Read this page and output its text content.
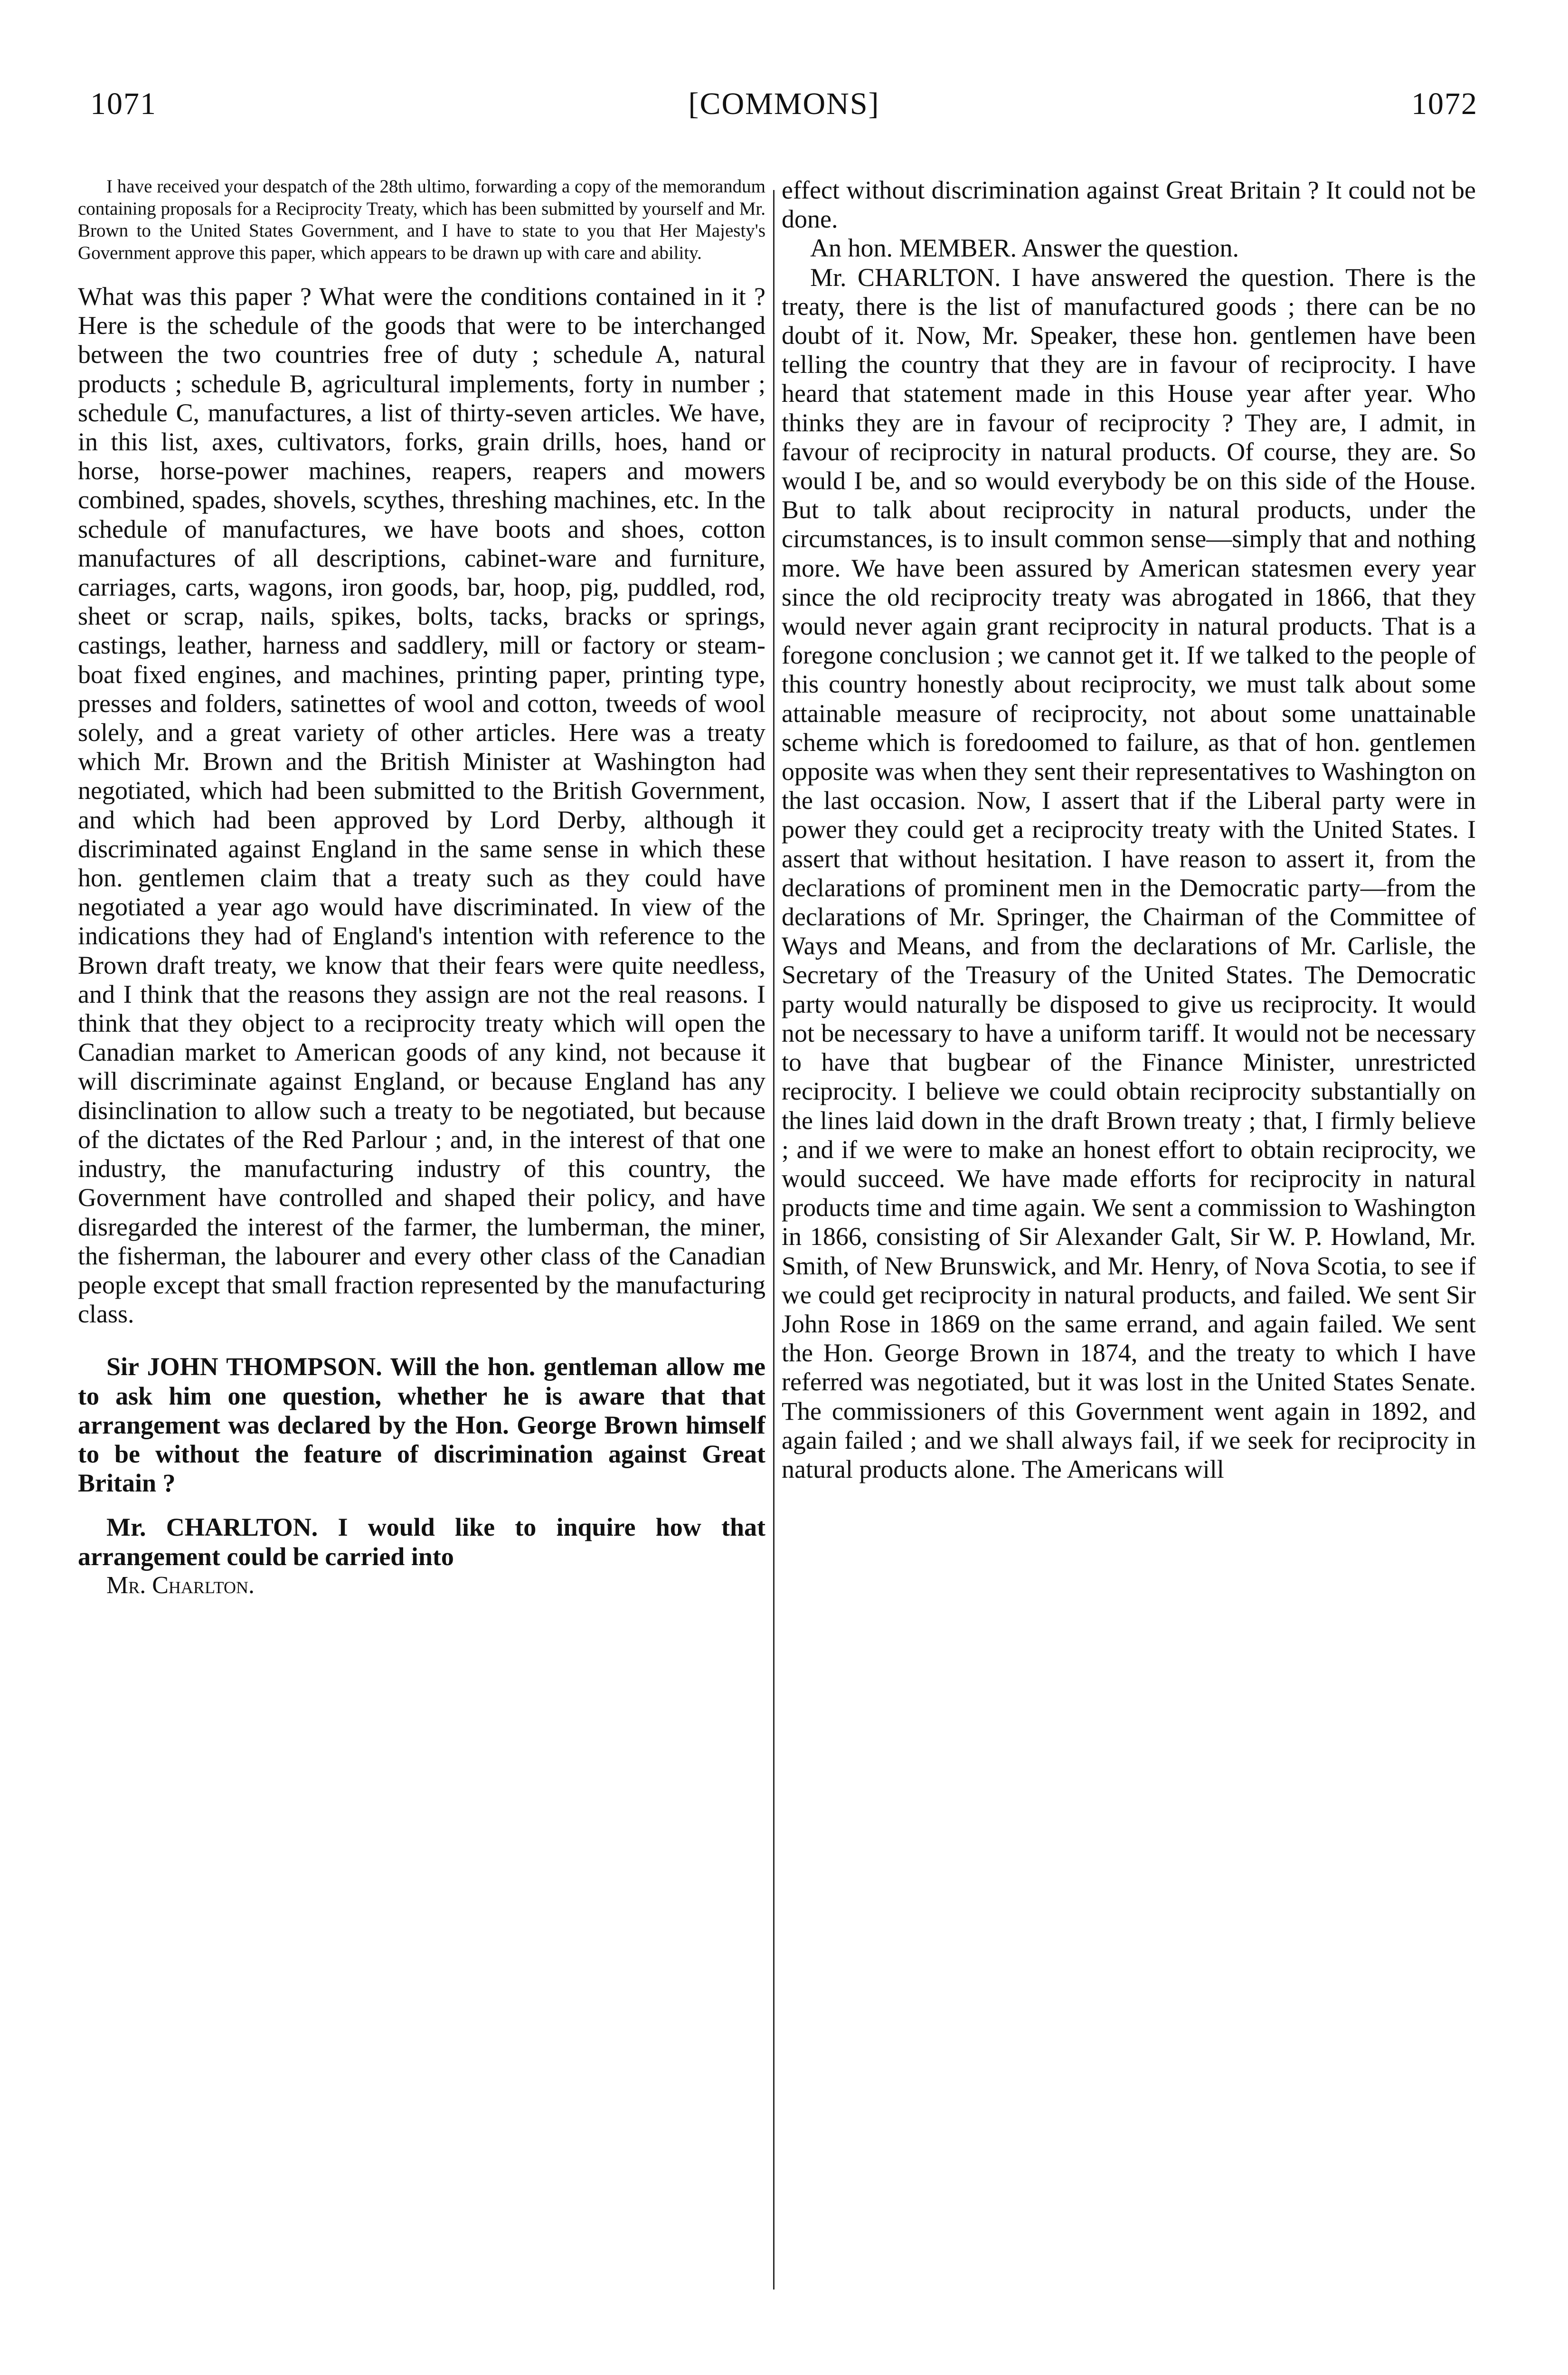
1071	[COMMONS]	1072

I have received your despatch of the 28th ultimo, forwarding a copy of the memorandum containing proposals for a Reciprocity Treaty, which has been submitted by yourself and Mr. Brown to the United States Government, and I have to state to you that Her Majesty's Government approve this paper, which appears to be drawn up with care and ability.

What was this paper ? What were the conditions contained in it ? Here is the schedule of the goods that were to be interchanged between the two countries free of duty ; schedule A, natural products ; schedule B, agricultural implements, forty in number ; schedule C, manufactures, a list of thirty-seven articles. We have, in this list, axes, cultivators, forks, grain drills, hoes, hand or horse, horse-power machines, reapers, reapers and mowers combined, spades, shovels, scythes, threshing machines, etc. In the schedule of manufactures, we have boots and shoes, cotton manufactures of all descriptions, cabinet-ware and furniture, carriages, carts, wagons, iron goods, bar, hoop, pig, puddled, rod, sheet or scrap, nails, spikes, bolts, tacks, bracks or springs, castings, leather, harness and saddlery, mill or factory or steam-boat fixed engines, and machines, printing paper, printing type, presses and folders, satinettes of wool and cotton, tweeds of wool solely, and a great variety of other articles. Here was a treaty which Mr. Brown and the British Minister at Washington had negotiated, which had been submitted to the British Government, and which had been approved by Lord Derby, although it discriminated against England in the same sense in which these hon. gentlemen claim that a treaty such as they could have negotiated a year ago would have discriminated. In view of the indications they had of England's intention with reference to the Brown draft treaty, we know that their fears were quite needless, and I think that the reasons they assign are not the real reasons. I think that they object to a reciprocity treaty which will open the Canadian market to American goods of any kind, not because it will discriminate against England, or because England has any disinclination to allow such a treaty to be negotiated, but because of the dictates of the Red Parlour ; and, in the interest of that one industry, the manufacturing industry of this country, the Government have controlled and shaped their policy, and have disregarded the interest of the farmer, the lumberman, the miner, the fisherman, the labourer and every other class of the Canadian people except that small fraction represented by the manufacturing class.

Sir JOHN THOMPSON. Will the hon. gentleman allow me to ask him one question, whether he is aware that that arrangement was declared by the Hon. George Brown himself to be without the feature of discrimination against Great Britain ?

Mr. CHARLTON. I would like to inquire how that arrangement could be carried into

Mr. Charlton.

effect without discrimination against Great Britain ? It could not be done.

An hon. MEMBER. Answer the question.

Mr. CHARLTON. I have answered the question. There is the treaty, there is the list of manufactured goods ; there can be no doubt of it. Now, Mr. Speaker, these hon. gentlemen have been telling the country that they are in favour of reciprocity. I have heard that statement made in this House year after year. Who thinks they are in favour of reciprocity ? They are, I admit, in favour of reciprocity in natural products. Of course, they are. So would I be, and so would everybody be on this side of the House. But to talk about reciprocity in natural products, under the circumstances, is to insult common sense—simply that and nothing more. We have been assured by American statesmen every year since the old reciprocity treaty was abrogated in 1866, that they would never again grant reciprocity in natural products. That is a foregone conclusion ; we cannot get it. If we talked to the people of this country honestly about reciprocity, we must talk about some attainable measure of reciprocity, not about some unattainable scheme which is foredoomed to failure, as that of hon. gentlemen opposite was when they sent their representatives to Washington on the last occasion. Now, I assert that if the Liberal party were in power they could get a reciprocity treaty with the United States. I assert that without hesitation. I have reason to assert it, from the declarations of prominent men in the Democratic party—from the declarations of Mr. Springer, the Chairman of the Committee of Ways and Means, and from the declarations of Mr. Carlisle, the Secretary of the Treasury of the United States. The Democratic party would naturally be disposed to give us reciprocity. It would not be necessary to have a uniform tariff. It would not be necessary to have that bugbear of the Finance Minister, unrestricted reciprocity. I believe we could obtain reciprocity substantially on the lines laid down in the draft Brown treaty ; that, I firmly believe ; and if we were to make an honest effort to obtain reciprocity, we would succeed. We have made efforts for reciprocity in natural products time and time again. We sent a commission to Washington in 1866, consisting of Sir Alexander Galt, Sir W. P. Howland, Mr. Smith, of New Brunswick, and Mr. Henry, of Nova Scotia, to see if we could get reciprocity in natural products, and failed. We sent Sir John Rose in 1869 on the same errand, and again failed. We sent the Hon. George Brown in 1874, and the treaty to which I have referred was negotiated, but it was lost in the United States Senate. The commissioners of this Government went again in 1892, and again failed ; and we shall always fail, if we seek for reciprocity in natural products alone. The Americans will
